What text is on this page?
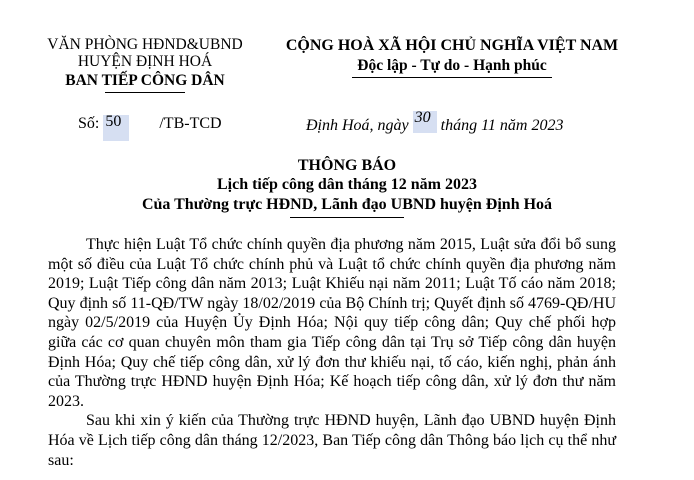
VĂN PHÒNG HĐND&UBND
HUYỆN ĐỊNH HOÁ
BAN TIẾP CÔNG DÂN
CỘNG HOÀ XÃ HỘI CHỦ NGHĨA VIỆT NAM
Độc lập - Tự do - Hạnh phúc
Số: 50 /TB-TCD	Định Hoá, ngày 30 tháng 11 năm 2023
THÔNG BÁO
Lịch tiếp công dân tháng 12 năm 2023
Của Thường trực HĐND, Lãnh đạo UBND huyện Định Hoá

Thực hiện Luật Tổ chức chính quyền địa phương năm 2015, Luật sửa đổi bổ sung một số điều của Luật Tổ chức chính phủ và Luật tổ chức chính quyền địa phương năm 2019; Luật Tiếp công dân năm 2013; Luật Khiếu nại năm 2011; Luật Tố cáo năm 2018; Quy định số 11-QĐ/TW ngày 18/02/2019 của Bộ Chính trị; Quyết định số 4769-QĐ/HU ngày 02/5/2019 của Huyện Ủy Định Hóa; Nội quy tiếp công dân; Quy chế phối hợp giữa các cơ quan chuyên môn tham gia Tiếp công dân tại Trụ sở Tiếp công dân huyện Định Hóa; Quy chế tiếp công dân, xử lý đơn thư khiếu nại, tố cáo, kiến nghị, phản ánh của Thường trực HĐND huyện Định Hóa; Kế hoạch tiếp công dân, xử lý đơn thư năm 2023.

Sau khi xin ý kiến của Thường trực HĐND huyện, Lãnh đạo UBND huyện Định Hóa về Lịch tiếp công dân tháng 12/2023, Ban Tiếp công dân Thông báo lịch cụ thể như sau:
